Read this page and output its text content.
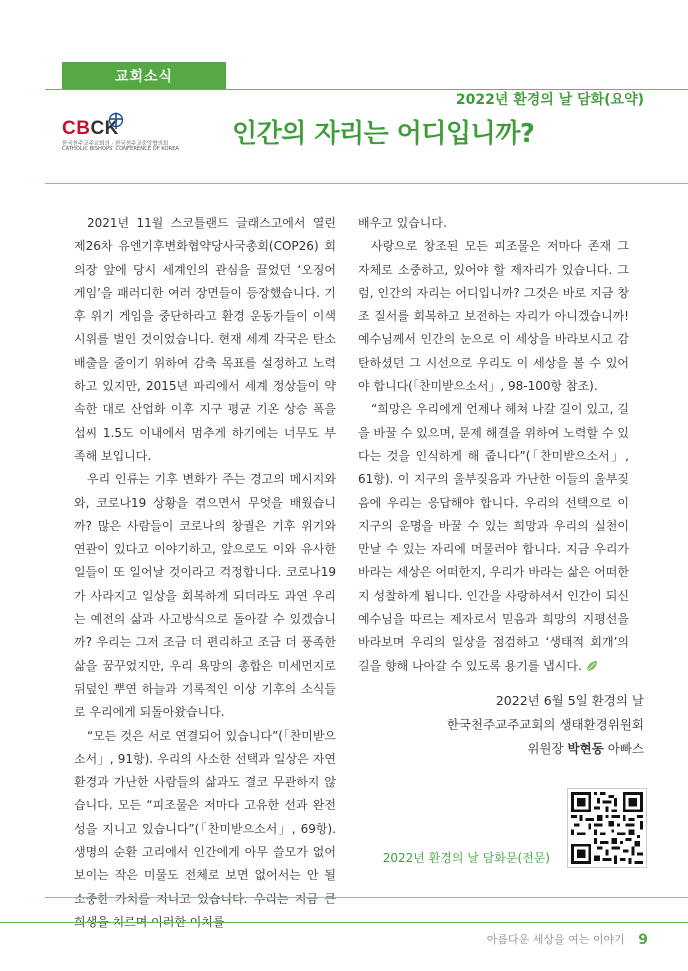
교회소식
2022년 환경의 날 담화(요약)
CBCK
한국천주교주교회의 · 한국천주교중앙협의회
CATHOLIC BISHOPS' CONFERENCE OF KOREA 인간의 자리는 어디입니까?

2021년 11월 스코틀랜드 글래스고에서 열린 제26차 유엔기후변화협약당사국총회(COP26) 회의장 앞에 당시 세계인의 관심을 끌었던 ‘오징어 게임’을 패러디한 여러 장면들이 등장했습니다. 기후 위기 게임을 중단하라고 환경 운동가들이 이색 시위를 벌인 것이었습니다. 현재 세계 각국은 탄소 배출을 줄이기 위하여 감축 목표를 설정하고 노력하고 있지만, 2015년 파리에서 세계 정상들이 약속한 대로 산업화 이후 지구 평균 기온 상승 폭을 섭씨 1.5도 이내에서 멈추게 하기에는 너무도 부족해 보입니다.

우리 인류는 기후 변화가 주는 경고의 메시지와와, 코로나19 상황을 겪으면서 무엇을 배웠습니까? 많은 사람들이 코로나의 창궐은 기후 위기와 연관이 있다고 이야기하고, 앞으로도 이와 유사한 일들이 또 일어날 것이라고 걱정합니다. 코로나19가 사라지고 일상을 회복하게 되더라도 과연 우리는 예전의 삶과 사고방식으로 돌아갈 수 있겠습니까? 우리는 그저 조금 더 편리하고 조금 더 풍족한 삶을 꿈꾸었지만, 우리 욕망의 총합은 미세먼지로 뒤덮인 뿌연 하늘과 기록적인 이상 기후의 소식들로 우리에게 되돌아왔습니다.

“모든 것은 서로 연결되어 있습니다”(「찬미받으소서」, 91항). 우리의 사소한 선택과 일상은 자연환경과 가난한 사람들의 삶과도 결코 무관하지 않습니다. 모든 “피조물은 저마다 고유한 선과 완전성을 지니고 있습니다”(「찬미받으소서」, 69항). 생명의 순환 고리에서 인간에게 아무 쓸모가 없어 보이는 작은 미물도 전체로 보면 없어서는 안 될 소중한 가치를 지니고 있습니다. 우리는 지금 큰 희생을 치르며 이러한 이치를

배우고 있습니다.

사랑으로 창조된 모든 피조물은 저마다 존재 그 자체로 소중하고, 있어야 할 제자리가 있습니다. 그럼, 인간의 자리는 어디입니까? 그것은 바로 지금 창조 질서를 회복하고 보전하는 자리가 아니겠습니까! 예수님께서 인간의 눈으로 이 세상을 바라보시고 감탄하셨던 그 시선으로 우리도 이 세상을 볼 수 있어야 합니다(「찬미받으소서」, 98-100항 참조).

“희망은 우리에게 언제나 헤쳐 나갈 길이 있고, 길을 바꿀 수 있으며, 문제 해결을 위하여 노력할 수 있다는 것을 인식하게 해 줍니다”(「찬미받으소서」, 61항). 이 지구의 울부짖음과 가난한 이들의 울부짖음에 우리는 응답해야 합니다. 우리의 선택으로 이 지구의 운명을 바꿀 수 있는 희망과 우리의 실천이 만날 수 있는 자리에 머물러야 합니다. 지금 우리가 바라는 세상은 어떠한지, 우리가 바라는 삶은 어떠한지 성찰하게 됩니다. 인간을 사랑하셔서 인간이 되신 예수님을 따르는 제자로서 믿음과 희망의 지평선을 바라보며 우리의 일상을 점검하고 ‘생태적 회개’의 길을 향해 나아갈 수 있도록 용기를 냅시다.

2022년 6월 5일 환경의 날
한국천주교주교회의 생태환경위원회
위원장 박현동 아빠스
2022년 환경의 날 담화문(전문)
아름다운 세상을 여는 이야기 9
